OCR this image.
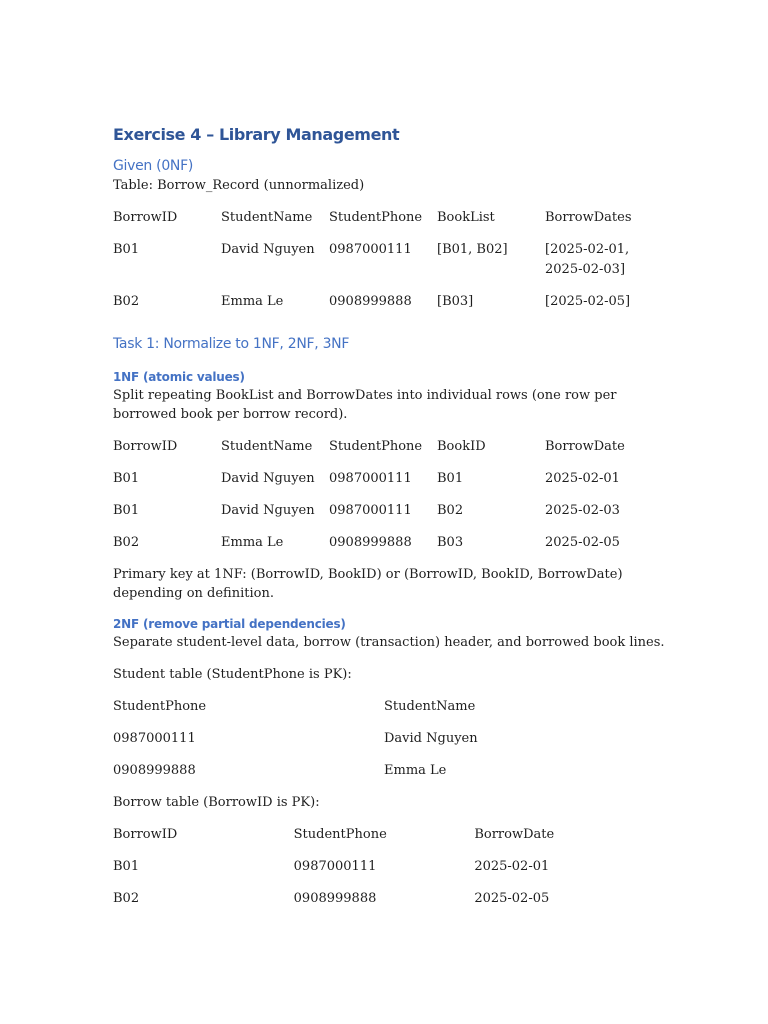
Exercise 4 – Library Management
Given (0NF)
Table: Borrow_Record (unnormalized)
BorrowID	StudentName	StudentPhone	BookList	BorrowDates
B01	David Nguyen	0987000111	[B01, B02]	[2025-02-01, 2025-02-03]
B02	Emma Le	0908999888	[B03]	[2025-02-05]
Task 1: Normalize to 1NF, 2NF, 3NF
1NF (atomic values)
Split repeating BookList and BorrowDates into individual rows (one row per borrowed book per borrow record).
BorrowID	StudentName	StudentPhone	BookID	BorrowDate
B01	David Nguyen	0987000111	B01	2025-02-01
B01	David Nguyen	0987000111	B02	2025-02-03
B02	Emma Le	0908999888	B03	2025-02-05
Primary key at 1NF: (BorrowID, BookID) or (BorrowID, BookID, BorrowDate) depending on definition.
2NF (remove partial dependencies)
Separate student-level data, borrow (transaction) header, and borrowed book lines.
Student table (StudentPhone is PK):
StudentPhone	StudentName
0987000111	David Nguyen
0908999888	Emma Le
Borrow table (BorrowID is PK):
BorrowID	StudentPhone	BorrowDate
B01	0987000111	2025-02-01
B02	0908999888	2025-02-05
